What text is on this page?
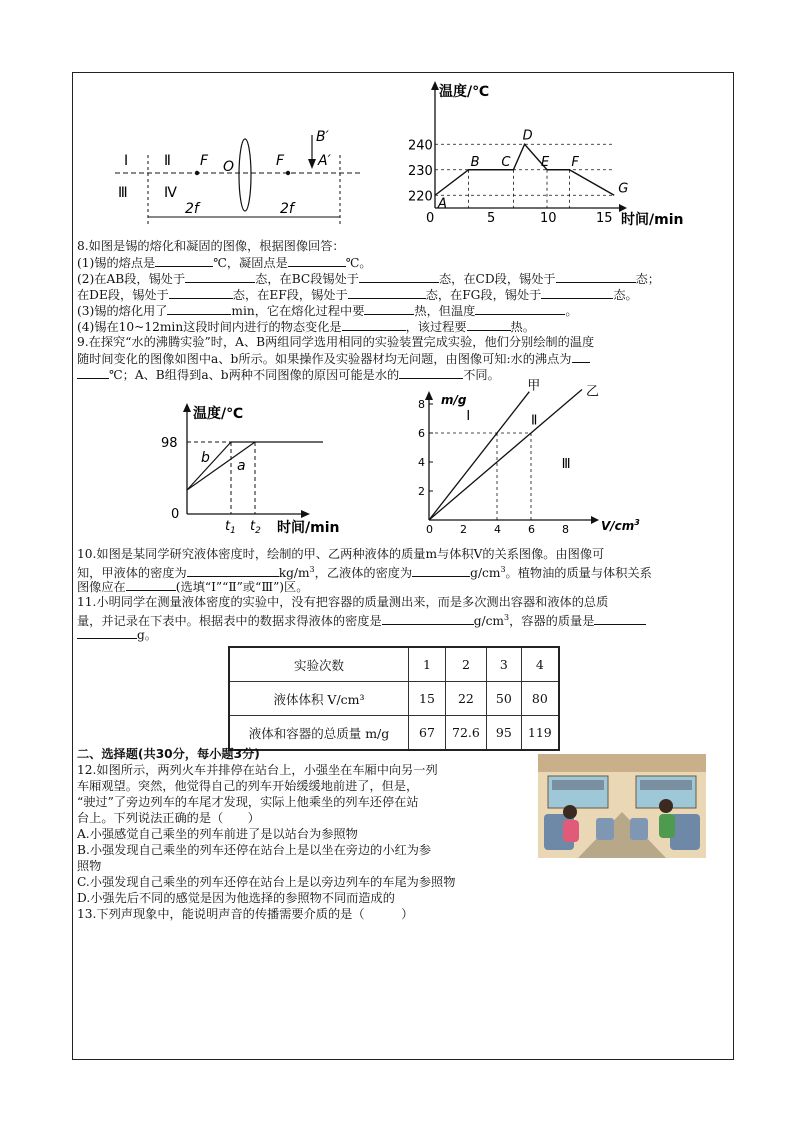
Ⅰ	Ⅱ
Ⅲ	Ⅳ
F O	F
B′
A′
2f	2f
220
230
240
0	5	10	15
A
B C
D
E F
G
温度/℃
时间/min
8.如图是锡的熔化和凝固的图像，根据图像回答：
(1)锡的熔点是	℃，凝固点是	℃。
(2)在AB段，锡处于	态，在BC段锡处于	态，在CD段，锡处于	态；
在DE段，锡处于	态，在EF段，锡处于	态，在FG段，锡处于	态。
(3)锡的熔化用了	min，它在熔化过程中要	热，但温度	。
(4)锡在10~12min这段时间内进行的物态变化是	，该过程要	热。
9.在探究“水的沸腾实验”时，A、B两组同学选用相同的实验装置完成实验，他们分别绘制的温度
随时间变化的图像如图中a、b所示。如果操作及实验器材均无问题，由图像可知:水的沸点为
℃；A、B组得到a、b两种不同图像的原因可能是水的	不同。
温度/℃
98
0
b a
$t_1$ $t_2$ 时间/min
2
4
6
8
0 2 4 6 8
甲	乙
Ⅰ	Ⅱ
Ⅲ
m/g
$V/cm^3$
10.如图是某同学研究液体密度时，绘制的甲、乙两种液体的质量m与体积V的关系图像。由图像可
知，甲液体的密度为	$kg/m^3$，乙液体的密度为	$g/cm^3$。植物油的质量与体积关系
图像应在	(选填“Ⅰ”“Ⅱ”或“Ⅲ”)区。
11.小明同学在测量液体密度的实验中，没有把容器的质量测出来，而是多次测出容器和液体的总质
量，并记录在下表中。根据表中的数据求得液体的密度是	$g/cm^3$，容器的质量是
g。
实验次数	1	2	3	4
液体体积 V/cm³	15	22	50	80
液体和容器的总质量 m/g	67	72.6	95	119
二、选择题(共30分，每小题3分)
12.如图所示，两列火车并排停在站台上，小强坐在车厢中向另一列
车厢观望。突然，他觉得自己的列车开始缓缓地前进了，但是，
“驶过”了旁边列车的车尾才发现，实际上他乘坐的列车还停在站
台上。下列说法正确的是（　　）
A.小强感觉自己乘坐的列车前进了是以站台为参照物
B.小强发现自己乘坐的列车还停在站台上是以坐在旁边的小红为参
照物
C.小强发现自己乘坐的列车还停在站台上是以旁边列车的车尾为参照物
D.小强先后不同的感觉是因为他选择的参照物不同而造成的
13.下列声现象中，能说明声音的传播需要介质的是（　　　）
